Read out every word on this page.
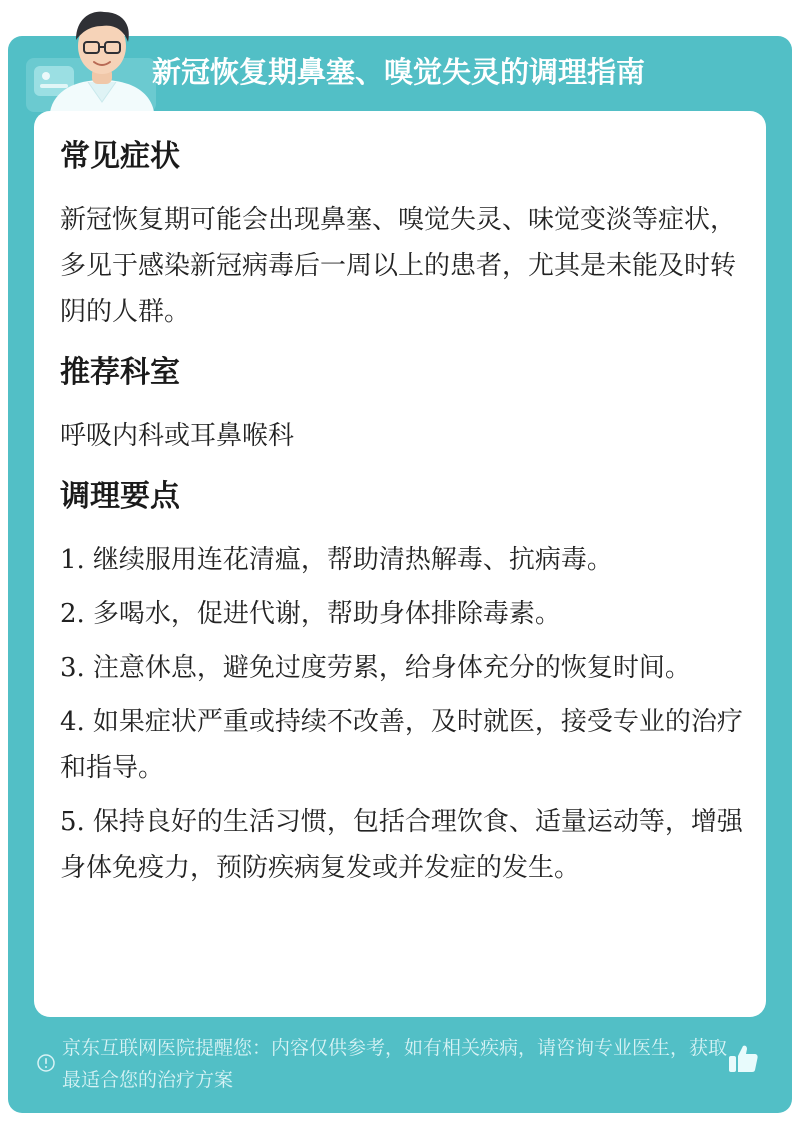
新冠恢复期鼻塞、嗅觉失灵的调理指南
常见症状

新冠恢复期可能会出现鼻塞、嗅觉失灵、味觉变淡等症状，多见于感染新冠病毒后一周以上的患者，尤其是未能及时转阴的人群。

推荐科室

呼吸内科或耳鼻喉科

调理要点
1. 继续服用连花清瘟，帮助清热解毒、抗病毒。
2. 多喝水，促进代谢，帮助身体排除毒素。
3. 注意休息，避免过度劳累，给身体充分的恢复时间。
4. 如果症状严重或持续不改善，及时就医，接受专业的治疗和指导。
5. 保持良好的生活习惯，包括合理饮食、适量运动等，增强身体免疫力，预防疾病复发或并发症的发生。
京东互联网医院提醒您：内容仅供参考，如有相关疾病，请咨询专业医生，获取最适合您的治疗方案
